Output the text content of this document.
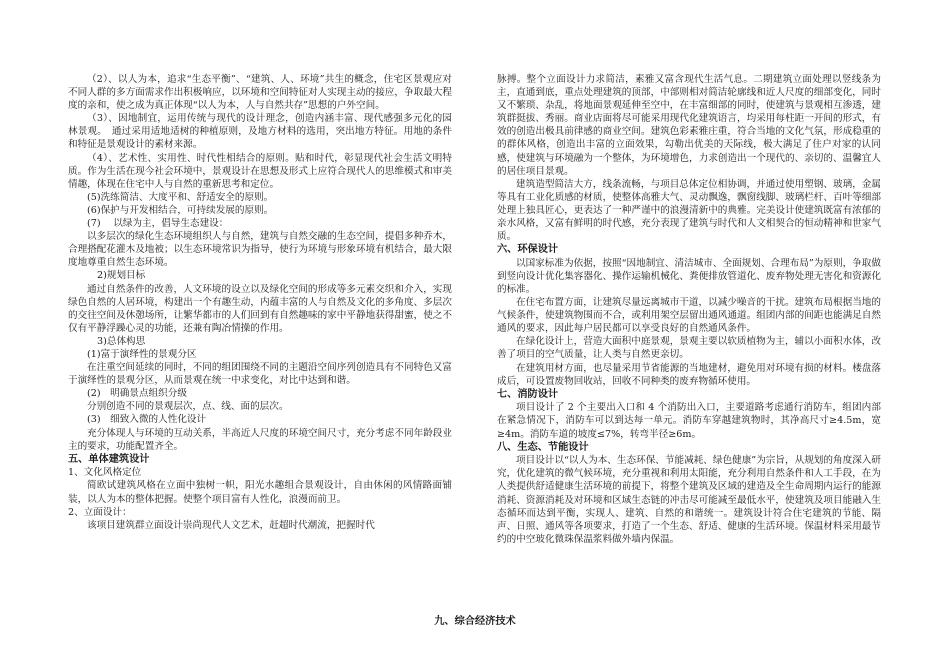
（2）、以人为本，追求“生态平衡”、“建筑、人、环境”共生的概念，住宅区景观应对不同人群的多方面需求作出积极响应，以环境和空间特征对人实现主动的接应，争取最大程度的亲和，使之成为真正体现“以人为本，人与自然共存”思想的户外空间。

（3）、因地制宜，运用传统与现代的设计理念，创造内涵丰富、现代感强多元化的园林景观。　通过采用适地适树的种植原则，及地方材料的选用，突出地方特征。用地的条件和特征是景观设计的素材来源。

（4）、艺术性、实用性、时代性相结合的原则。贴和时代，彰显现代社会生活文明特质。作为生活在现今社会环境中，景观设计在思想及形式上应符合现代人的思维模式和审美情趣，体现在住宅中人与自然的重新思考和定位。

(5)洗练简洁、大度平和、舒适安全的原则。

(6)保护与开发相结合，可持续发展的原则。

(7)　 以绿为主，倡导生态建设：

以多层次的绿化生态环境组织人与自然，建筑与自然交融的生态空间，提倡多种乔木，合理搭配花灌木及地被；以生态环境常识为指导，使行为环境与形象环境有机结合，最大限度地尊重自然生态环境。

2)规划目标

通过自然条件的改善，人文环境的设立以及绿化空间的形成等多元素交织和介入，实现绿色自然的人居环境，构建出一个有趣生动，内蕴丰富的人与自然及文化的多角度、多层次的交往空间及休憩场所，让繁华都市的人们回到有自然趣味的家中平静地获得甜蜜，使之不仅有平静浮躁心灵的功能，还兼有陶冶情操的作用。

3)总体构思

(1)富于演绎性的景观分区

在注重空间延续的同时，不同的组团围绕不同的主题沿空间序列创造具有不同特色又富于演绎性的景观分区，从而景观在统一中求变化，对比中达到和谐。

(2)　明确景点组织分级

分别创造不同的景观层次，点、线、面的层次。

(3)　细致入微的人性化设计

充分体现人与环境的互动关系，半高近人尺度的环境空间尺寸，充分考虑不同年龄段业主的要求，功能配置齐全。

五、单体建筑设计

1、文化风格定位

简欧试建筑风格在立面中独树一帜，阳光水趣组合景观设计，自由休闲的风情路面铺装，以人为本的整体把握。使整个项目富有人性化，浪漫而前卫。

2、立面设计：

该项目建筑群立面设计崇尚现代人文艺术，赶超时代潮流，把握时代

脉搏。整个立面设计力求简洁，素雅又富含现代生活气息。二期建筑立面处理以竖线条为主，直通到底，重点处理建筑的顶部，中部则相对简洁轮廓线和近人尺度的细部变化，同时又不繁琐、杂乱，将地面景观延伸至空中，在丰富细部的同时，使建筑与景观相互渗透，建筑群挺拔、秀丽。商业店面将尽可能采用现代化建筑语言，均采用每柱距一开间的形式，有效的创造出极具前律感的商业空间。建筑色彩素雅庄重，符合当地的文化气氛，形成稳重的的群体风格，创造出丰富的立面效果，勾勒出优美的天际线，极大满足了住户对家的认同感，使建筑与环境融为一个整体，为环境增色，力求创造出一个现代的、亲切的、温馨宜人的居住项目景观。

建筑造型简洁大方，线条流畅，与项目总体定位相协调，并通过使用塑钢、玻璃，金属等具有工业化质感的材质，使整体高雅大气、灵动飘逸，飘窗线脚、玻璃栏杆、百叶等细部处理上独具匠心，更表达了一种严谨中的浪漫清新中的典雅。完美设计使建筑既富有浓郁的亲水风格，又富有鲜明的时代感，充分表现了建筑与时代和人文相契合的恒动精神和世家气质。

六、环保设计

以国家标准为依据，按照“因地制宜、清洁城市、全面规划、合理布局”为原则，争取做到竖向设计优化集容器化、操作运输机械化、粪便排放管道化、废弃物处理无害化和资源化的标准。

在住宅布置方面，让建筑尽量远离城市干道，以减少噪音的干扰。建筑布局根据当地的气候条件，使建筑物围而不合，或利用架空层留出通风通道。组团内部的间距也能满足自然通风的要求，因此每户居民都可以享受良好的自然通风条件。

在绿化设计上，营造大面积中庭景观，景观主要以软质植物为主，辅以小面积水体，改善了项目的空气质量，让人类与自然更亲切。

在建筑用材方面，也尽量采用节省能源的当地建材，避免用对环境有损的材料。楼盘落成后，可设置废物回收站，回收不同种类的废弃物循环使用。

七、消防设计

项目设计了 2 个主要出入口和 4 个消防出入口，主要道路考虑通行消防车，组团内部在紧急情况下，消防车可以到达每一单元。消防车穿越建筑物时，其净高尺寸≥4.5m，宽≥4m。消防车道的坡度≤7%，转弯半径≥6m。

八、生态、节能设计

项目设计以“以人为本、生态环保、节能减耗、绿色健康”为宗旨，从规划的角度深入研究，优化建筑的微气候环境，充分重视和利用太阳能，充分利用自然条件和人工手段，在为人类提供舒适健康生活环境的前提下，将整个建筑及区域的建造及全生命周期内运行的能源消耗、资源消耗及对环境和区域生态链的冲击尽可能减至最低水平，使建筑及项目能融入生态循环而达到平衡，实现人、建筑、自然的和谐统一。建筑设计符合住宅建筑的节能、隔声、日照、通风等各项要求，打造了一个生态、舒适、健康的生活环境。保温材料采用最节约的中空玻化微珠保温浆料做外墙内保温。

九、综合经济技术
